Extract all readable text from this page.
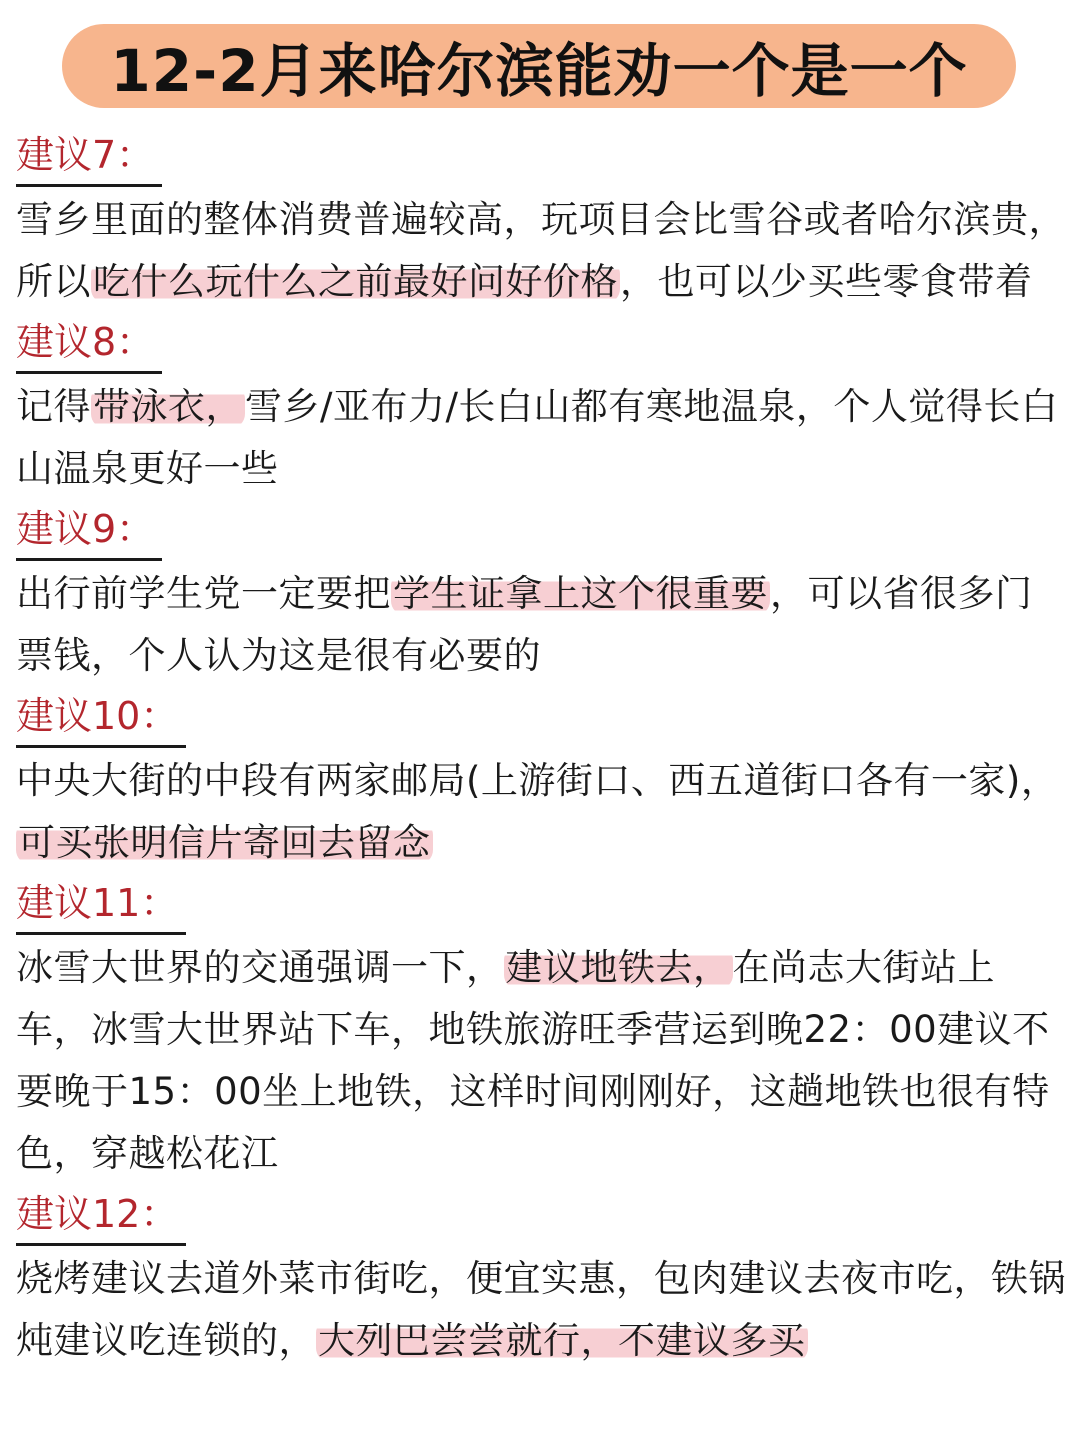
12-2月来哈尔滨能劝一个是一个
建议7：
雪乡里面的整体消费普遍较高，玩项目会比雪谷或者哈尔滨贵，所以吃什么玩什么之前最好问好价格，也可以少买些零食带着
建议8：
记得带泳衣，雪乡/亚布力/长白山都有寒地温泉，个人觉得长白山温泉更好一些
建议9：
出行前学生党一定要把学生证拿上这个很重要，可以省很多门票钱，个人认为这是很有必要的
建议10：
中央大街的中段有两家邮局(上游街口、西五道街口各有一家)，可买张明信片寄回去留念
建议11：
冰雪大世界的交通强调一下，建议地铁去，在尚志大街站上车，冰雪大世界站下车，地铁旅游旺季营运到晚22：00建议不要晚于15：00坐上地铁，这样时间刚刚好，这趟地铁也很有特色，穿越松花江
建议12：
烧烤建议去道外菜市街吃，便宜实惠，包肉建议去夜市吃，铁锅炖建议吃连锁的，大列巴尝尝就行，不建议多买
